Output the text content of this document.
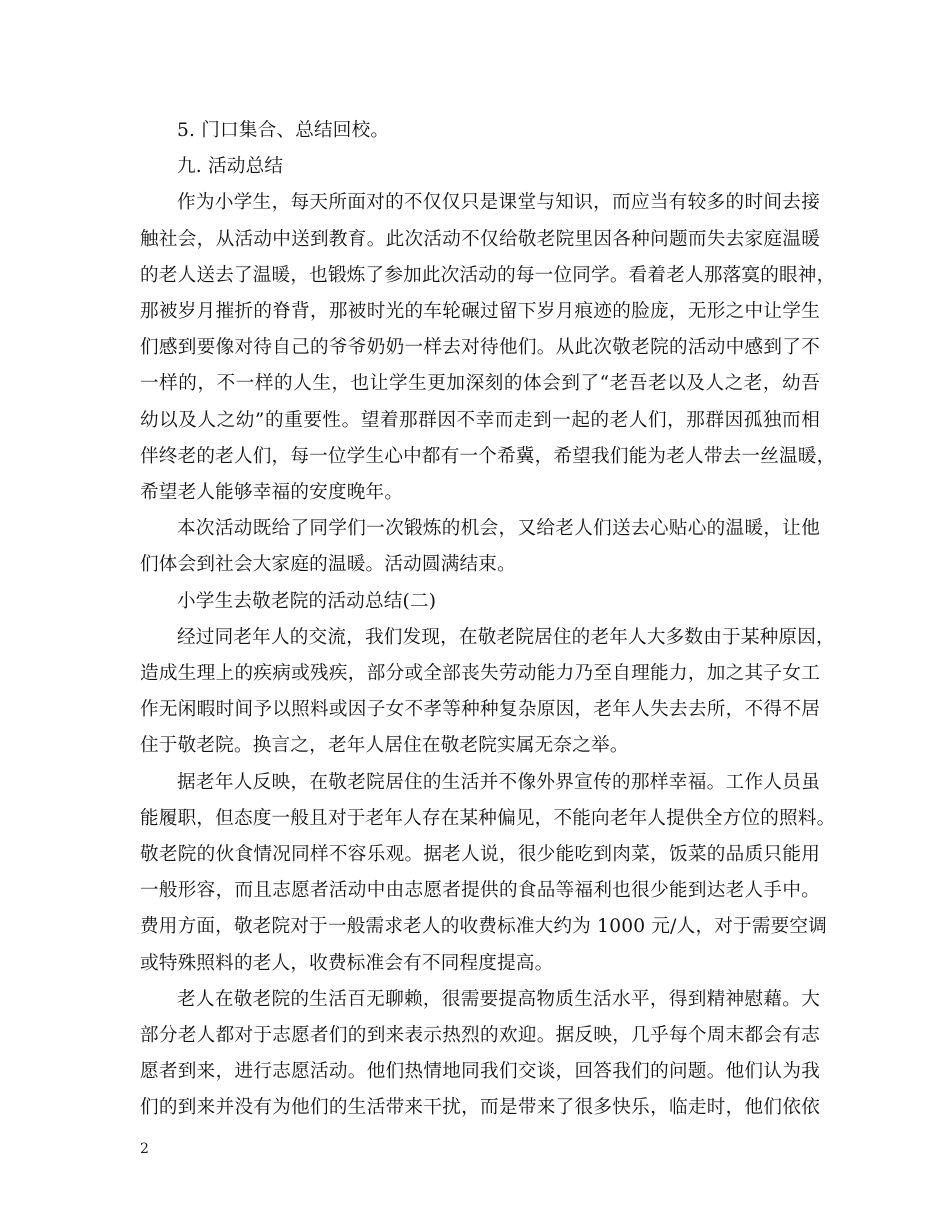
5. 门口集合、总结回校。
九. 活动总结
作为小学生，每天所面对的不仅仅只是课堂与知识，而应当有较多的时间去接
触社会，从活动中送到教育。此次活动不仅给敬老院里因各种问题而失去家庭温暖
的老人送去了温暖，也锻炼了参加此次活动的每一位同学。看着老人那落寞的眼神，
那被岁月摧折的脊背，那被时光的车轮碾过留下岁月痕迹的脸庞，无形之中让学生
们感到要像对待自己的爷爷奶奶一样去对待他们。从此次敬老院的活动中感到了不
一样的，不一样的人生，也让学生更加深刻的体会到了“老吾老以及人之老，幼吾
幼以及人之幼”的重要性。望着那群因不幸而走到一起的老人们，那群因孤独而相
伴终老的老人们，每一位学生心中都有一个希冀，希望我们能为老人带去一丝温暖，
希望老人能够幸福的安度晚年。
本次活动既给了同学们一次锻炼的机会，又给老人们送去心贴心的温暖，让他
们体会到社会大家庭的温暖。活动圆满结束。
小学生去敬老院的活动总结(二)
经过同老年人的交流，我们发现，在敬老院居住的老年人大多数由于某种原因，
造成生理上的疾病或残疾，部分或全部丧失劳动能力乃至自理能力，加之其子女工
作无闲暇时间予以照料或因子女不孝等种种复杂原因，老年人失去去所，不得不居
住于敬老院。换言之，老年人居住在敬老院实属无奈之举。
据老年人反映，在敬老院居住的生活并不像外界宣传的那样幸福。工作人员虽
能履职，但态度一般且对于老年人存在某种偏见，不能向老年人提供全方位的照料。
敬老院的伙食情况同样不容乐观。据老人说，很少能吃到肉菜，饭菜的品质只能用
一般形容，而且志愿者活动中由志愿者提供的食品等福利也很少能到达老人手中。
费用方面，敬老院对于一般需求老人的收费标准大约为 1000 元/人，对于需要空调
或特殊照料的老人，收费标准会有不同程度提高。
老人在敬老院的生活百无聊赖，很需要提高物质生活水平，得到精神慰藉。大
部分老人都对于志愿者们的到来表示热烈的欢迎。据反映，几乎每个周末都会有志
愿者到来，进行志愿活动。他们热情地同我们交谈，回答我们的问题。他们认为我
们的到来并没有为他们的生活带来干扰，而是带来了很多快乐，临走时，他们依依
2
